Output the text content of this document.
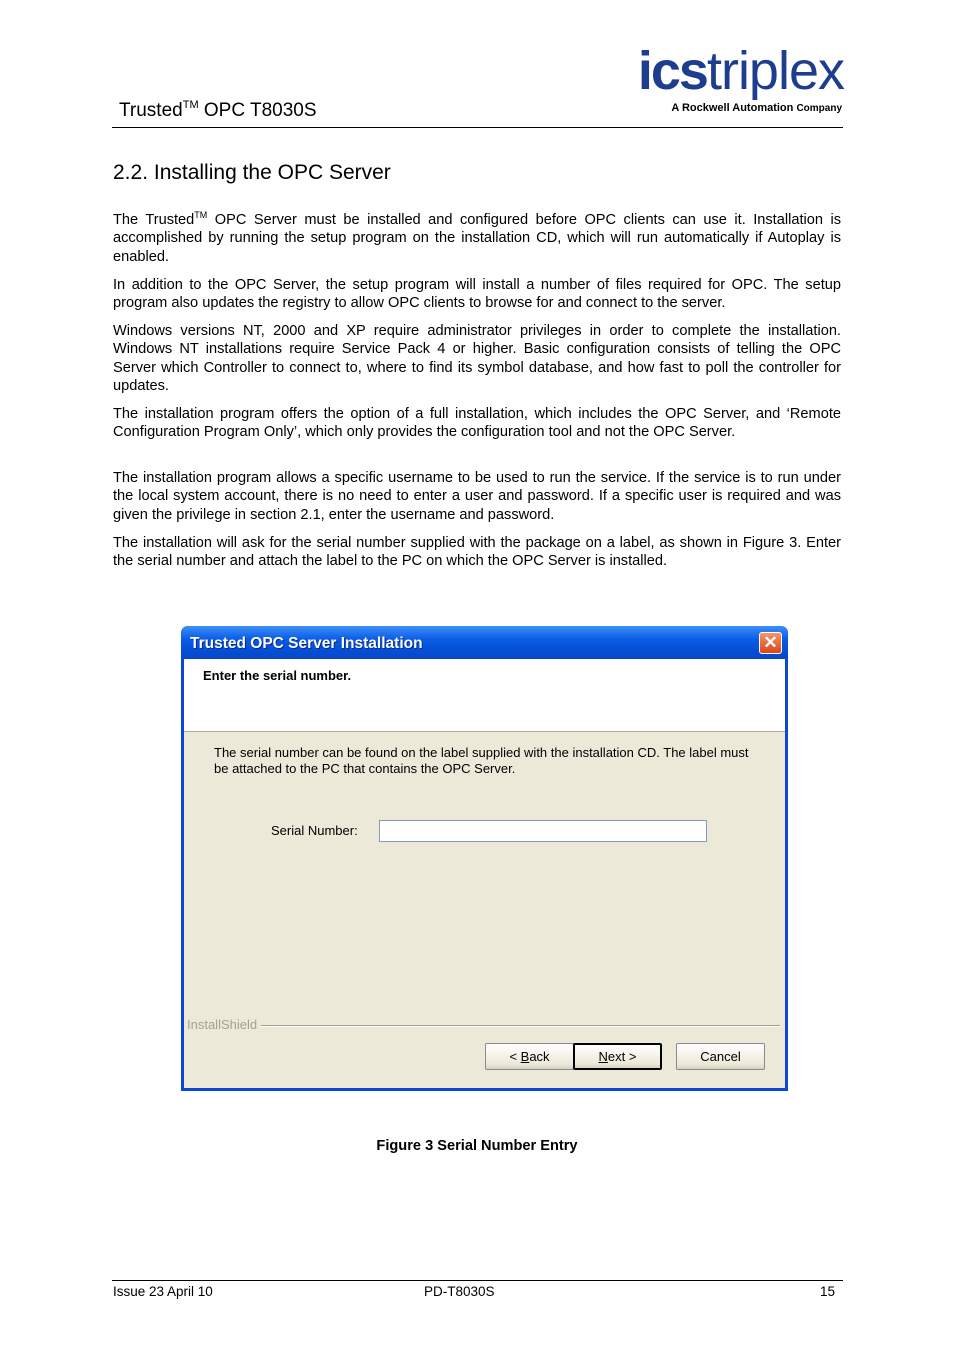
Trusted™ OPC T8030S
icstriplex
A Rockwell Automation Company
2.2. Installing the OPC Server

The Trusted™ OPC Server must be installed and configured before OPC clients can use it. Installation is accomplished by running the setup program on the installation CD, which will run automatically if Autoplay is enabled.

In addition to the OPC Server, the setup program will install a number of files required for OPC. The setup program also updates the registry to allow OPC clients to browse for and connect to the server.

Windows versions NT, 2000 and XP require administrator privileges in order to complete the installation. Windows NT installations require Service Pack 4 or higher. Basic configuration consists of telling the OPC Server which Controller to connect to, where to find its symbol database, and how fast to poll the controller for updates.

The installation program offers the option of a full installation, which includes the OPC Server, and ‘Remote Configuration Program Only’, which only provides the configuration tool and not the OPC Server.

The installation program allows a specific username to be used to run the service. If the service is to run under the local system account, there is no need to enter a user and password. If a specific user is required and was given the privilege in section 2.1, enter the username and password.

The installation will ask for the serial number supplied with the package on a label, as shown in Figure 3. Enter the serial number and attach the label to the PC on which the OPC Server is installed.

Trusted OPC Server Installation	✕
Enter the serial number.
The serial number can be found on the label supplied with the installation CD. The label must be attached to the PC that contains the OPC Server.
Serial Number:
InstallShield
< Back	Next >	Cancel
Figure 3 Serial Number Entry
Issue 23 April 10	PD-T8030S	15
